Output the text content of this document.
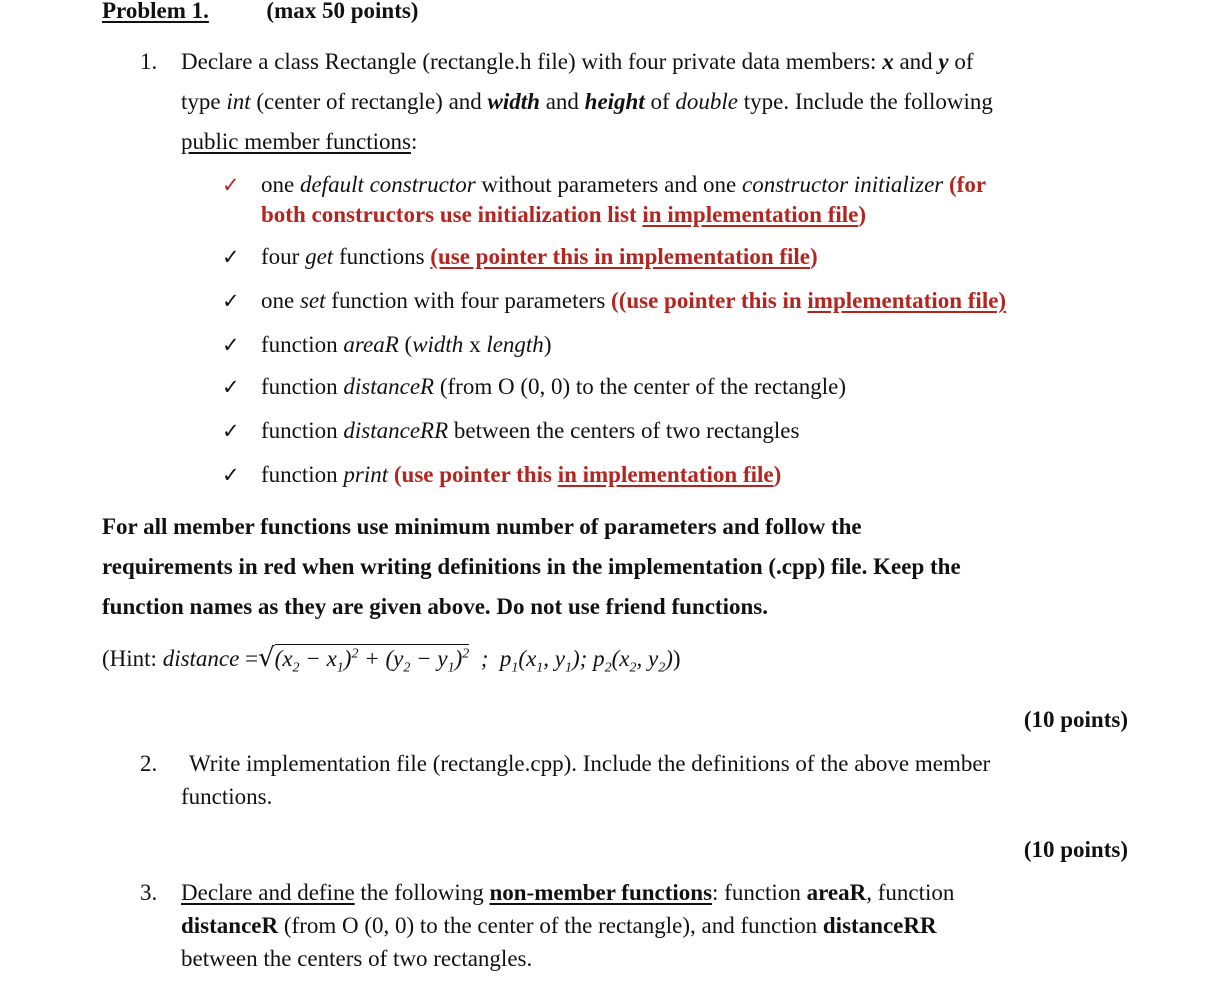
Problem 1.	(max 50 points)
1. Declare a class Rectangle (rectangle.h file) with four private data members: x and y of
type int (center of rectangle) and width and height of double type. Include the following
public member functions:
✓ one default constructor without parameters and one constructor initializer (for
both constructors use initialization list in implementation file)
✓ four get functions (use pointer this in implementation file)
✓ one set function with four parameters ((use pointer this in implementation file)
✓ function areaR (width x length)
✓ function distanceR (from O (0, 0) to the center of the rectangle)
✓ function distanceRR between the centers of two rectangles
✓ function print (use pointer this in implementation file)
For all member functions use minimum number of parameters and follow the
requirements in red when writing definitions in the implementation (.cpp) file. Keep the
function names as they are given above. Do not use friend functions.
(Hint: distance $=√(x_2 - x_1)^2 + (y_2 - y_1)^2$  ;  $p_1(x_1$, $y_1$); $p_2(x_2$, $y_2$))
(10 points)
2. Write implementation file (rectangle.cpp). Include the definitions of the above member
functions.
(10 points)
3. Declare and define the following non-member functions: function areaR, function
distanceR (from O (0, 0) to the center of the rectangle), and function distanceRR
between the centers of two rectangles.
